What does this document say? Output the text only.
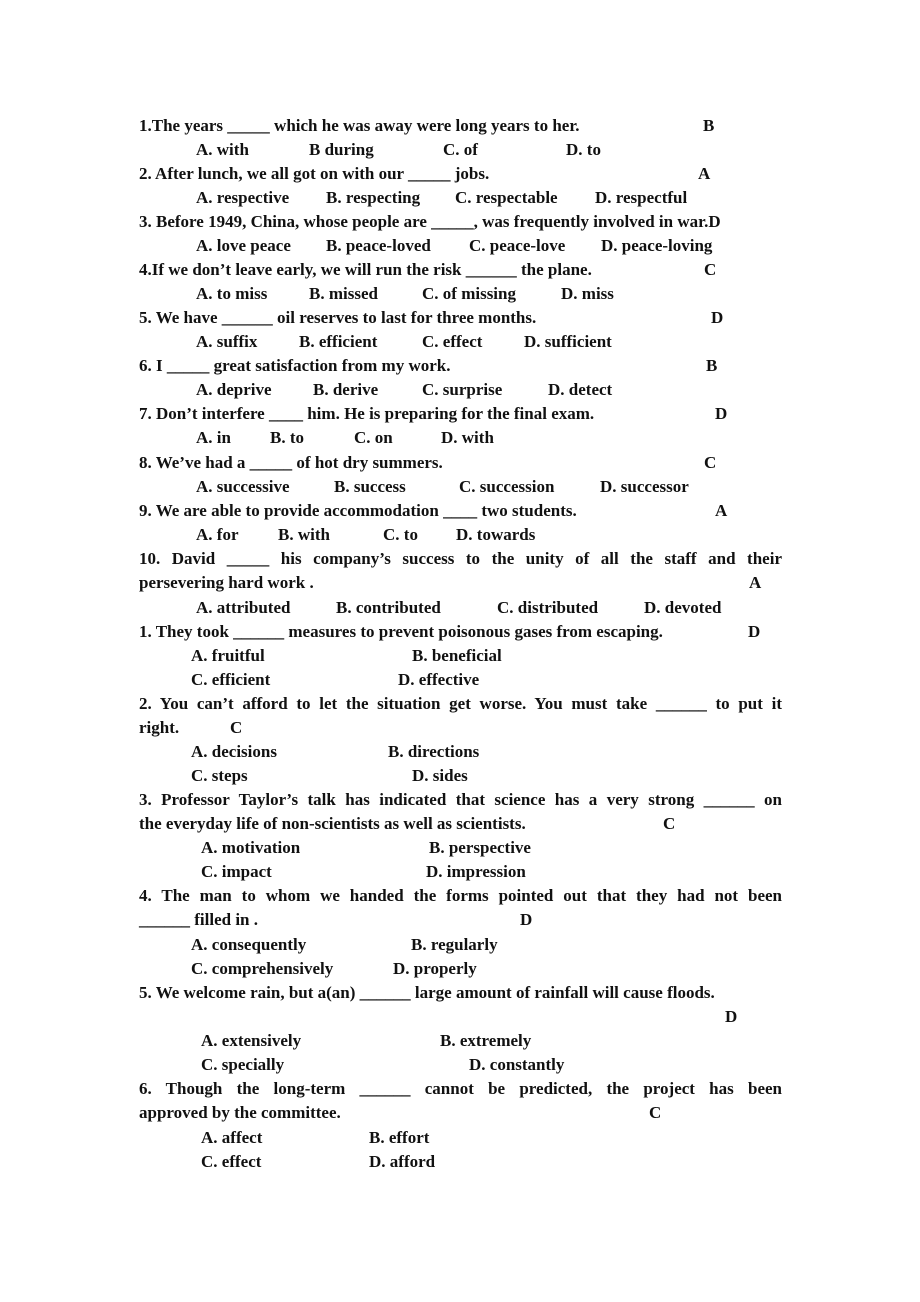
1.The years _____ which he was away were long years to her.	B
A. with	B during	C. of	D. to
2. After lunch, we all got on with our _____ jobs.	A
A. respective B. respecting C. respectable D. respectful
3. Before 1949, China, whose people are _____, was frequently involved in war.D
A. love peace B. peace-loved C. peace-love D. peace-loving
4.If we don’t leave early, we will run the risk ______ the plane.	C
A. to miss B. missed	C. of missing	D. miss
5. We have ______ oil reserves to last for three months.	D
A. suffix B. efficient	C. effect D. sufficient
6. I _____ great satisfaction from my work.	B
A. deprive B. derive	C. surprise	D. detect
7. Don’t interfere ____ him. He is preparing for the final exam.	D
A. in B. to	C. on	D. with
8. We’ve had a _____ of hot dry summers.	C
A. successive	B. success	C. succession	D. successor
9. We are able to provide accommodation ____ two students.	A
A. for B. with	C. to D. towards
10. David _____ his company’s success to the unity of all the staff and their
persevering hard work .	A
A. attributed	B. contributed	C. distributed	D. devoted
1. They took ______ measures to prevent poisonous gases from escaping.	D
A. fruitful	B. beneficial
C. efficient	D. effective
2. You can’t afford to let the situation get worse. You must take ______ to put it
right.	C
A. decisions	B. directions
C. steps	D. sides
3. Professor Taylor’s talk has indicated that science has a very strong ______ on
the everyday life of non-scientists as well as scientists.	C
A. motivation	B. perspective
C. impact	D. impression
4. The man to whom we handed the forms pointed out that they had not been
______ filled in .	D
A. consequently	B. regularly
C. comprehensively	D. properly
5. We welcome rain, but a(an) ______ large amount of rainfall will cause floods.
D
A. extensively	B. extremely
C. specially	D. constantly
6. Though the long-term ______ cannot be predicted, the project has been
approved by the committee.	C
A. affect	B. effort
C. effect	D. afford
